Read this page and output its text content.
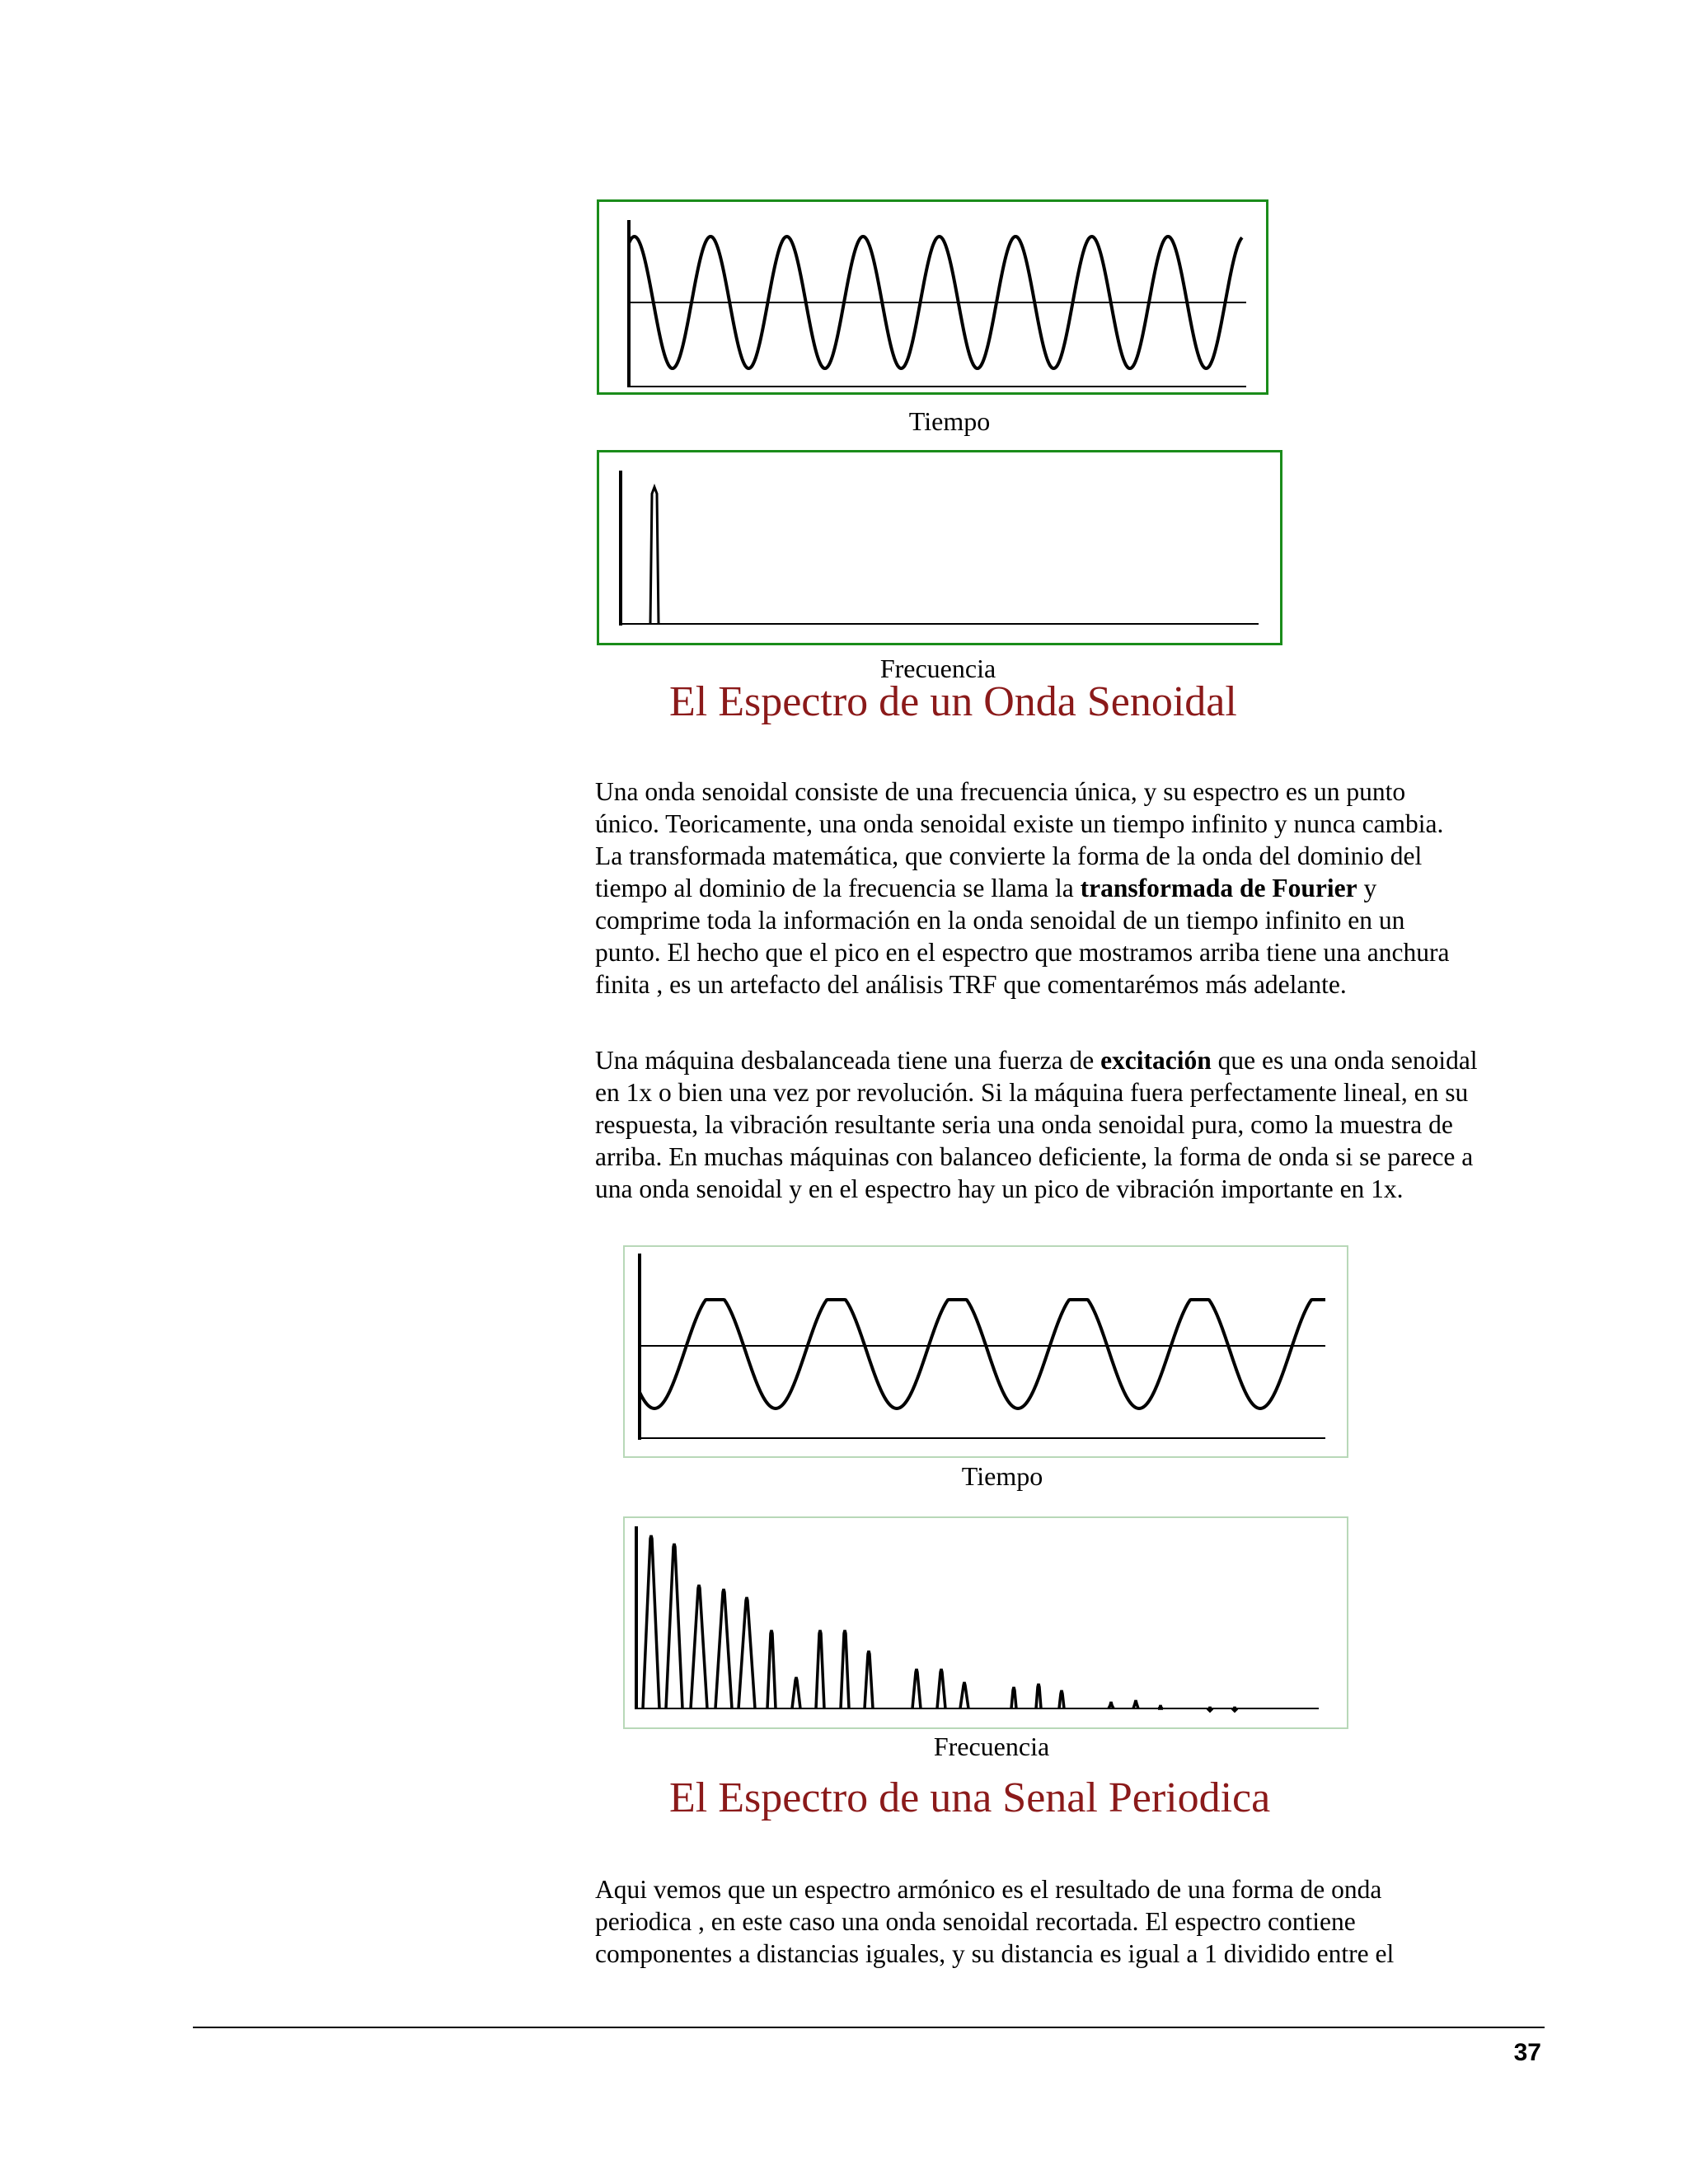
Tiempo
Frecuencia
El Espectro de un Onda Senoidal

Una onda senoidal consiste de una frecuencia única, y su espectro es un punto
único. Teoricamente, una onda senoidal existe un tiempo infinito y nunca cambia.
La transformada matemática, que convierte la forma de la onda del dominio del
tiempo al dominio de la frecuencia se llama la transformada de Fourier y
comprime toda la información en la onda senoidal de un tiempo infinito en un
punto. El hecho que el pico en el espectro que mostramos arriba tiene una anchura
finita , es un artefacto del análisis TRF que comentarémos más adelante.

Una máquina desbalanceada tiene una fuerza de excitación que es una onda senoidal
en 1x o bien una vez por revolución. Si la máquina fuera perfectamente lineal, en su
respuesta, la vibración resultante seria una onda senoidal pura, como la muestra de
arriba. En muchas máquinas con balanceo deficiente, la forma de onda si se parece a
una onda senoidal y en el espectro hay un pico de vibración importante en 1x.

Tiempo
Frecuencia
El Espectro de una Senal Periodica

Aqui vemos que un espectro armónico es el resultado de una forma de onda
periodica , en este caso una onda senoidal recortada. El espectro contiene
componentes a distancias iguales, y su distancia es igual a 1 dividido entre el

37
